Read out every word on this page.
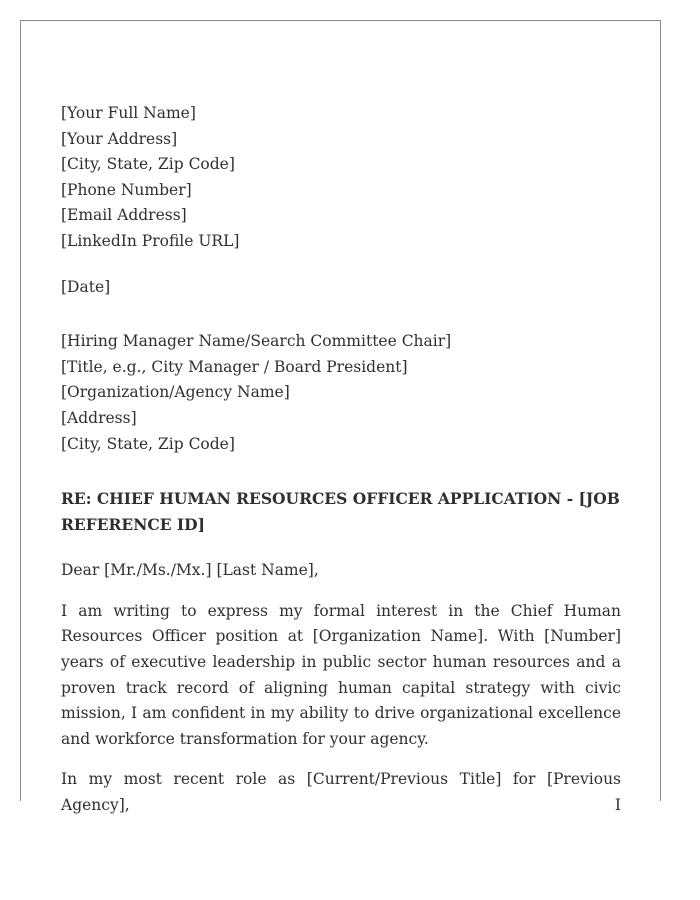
[Your Full Name]
[Your Address]
[City, State, Zip Code]
[Phone Number]
[Email Address]
[LinkedIn Profile URL]
[Date]
[Hiring Manager Name/Search Committee Chair]
[Title, e.g., City Manager / Board President]
[Organization/Agency Name]
[Address]
[City, State, Zip Code]

RE: CHIEF HUMAN RESOURCES OFFICER APPLICATION - [JOB REFERENCE ID]

Dear [Mr./Ms./Mx.] [Last Name],

I am writing to express my formal interest in the Chief Human Resources Officer position at [Organization Name]. With [Number] years of executive leadership in public sector human resources and a proven track record of aligning human capital strategy with civic mission, I am confident in my ability to drive organizational excellence and workforce transformation for your agency.

In my most recent role as [Current/Previous Title] for [Previous Agency], I
